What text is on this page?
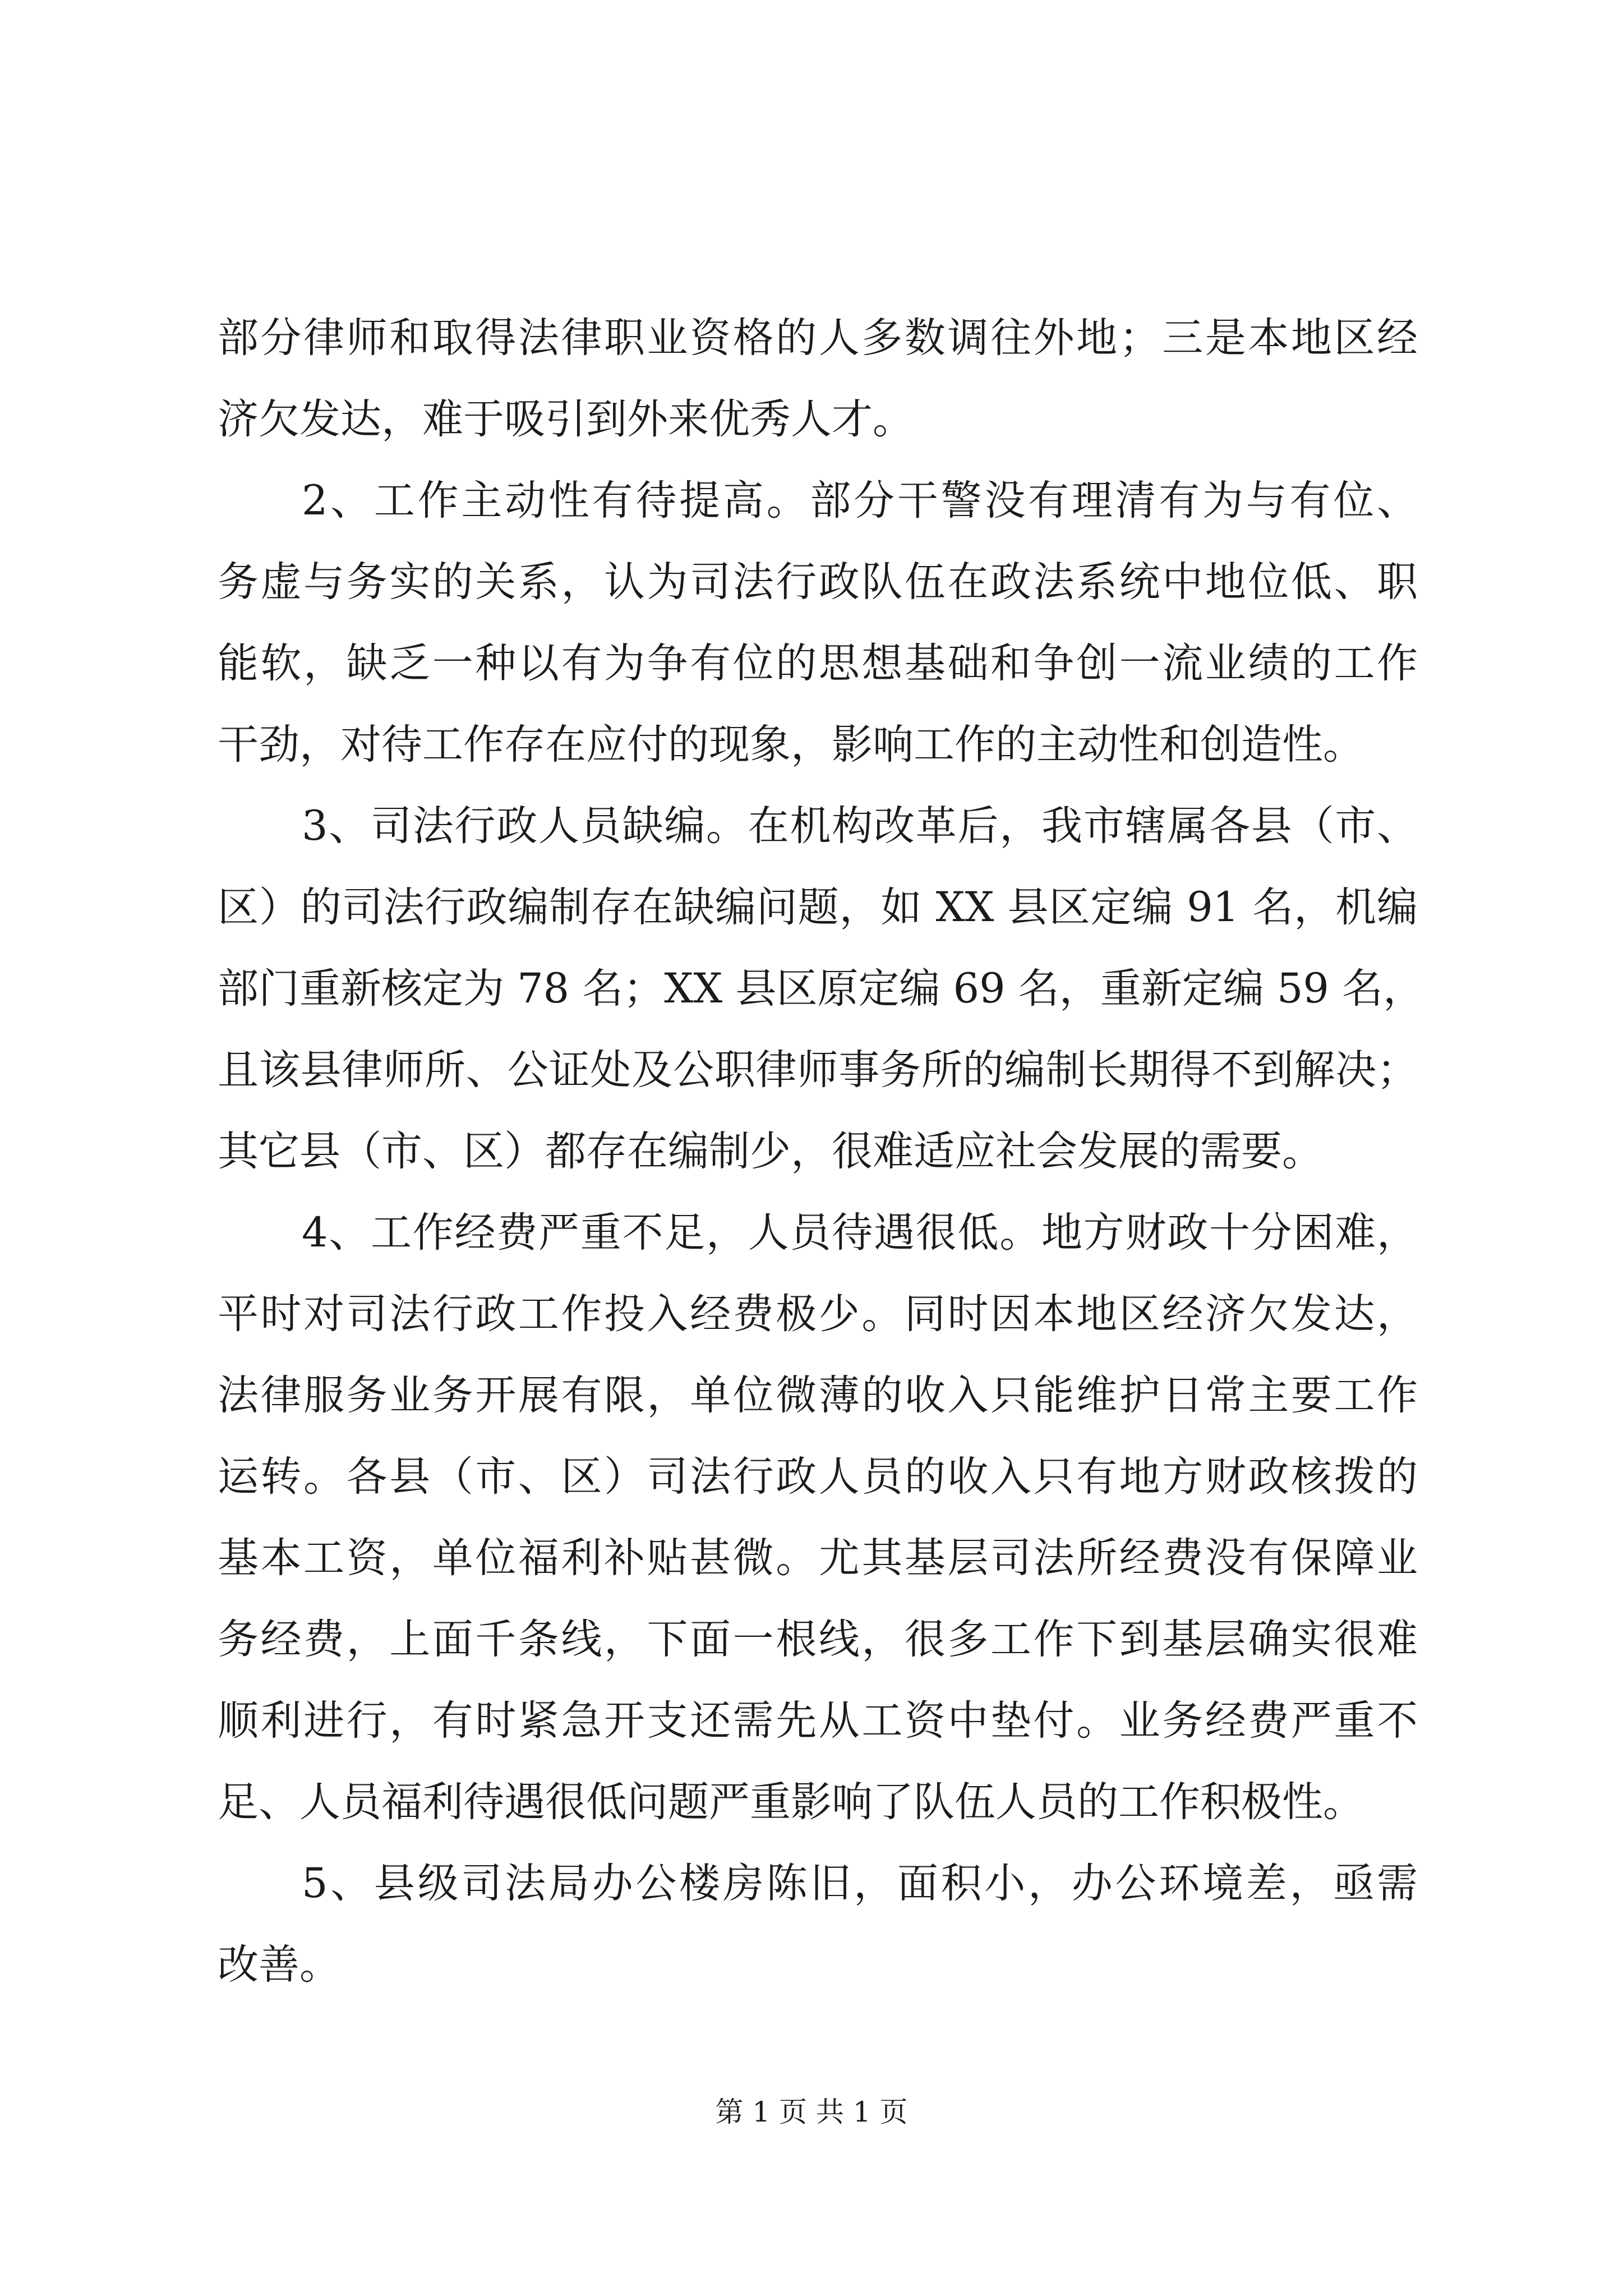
部分律师和取得法律职业资格的人多数调往外地；三是本地区经
济欠发达，难于吸引到外来优秀人才。
2、工作主动性有待提高。部分干警没有理清有为与有位、
务虚与务实的关系，认为司法行政队伍在政法系统中地位低、职
能软，缺乏一种以有为争有位的思想基础和争创一流业绩的工作
干劲，对待工作存在应付的现象，影响工作的主动性和创造性。
3、司法行政人员缺编。在机构改革后，我市辖属各县（市、
区）的司法行政编制存在缺编问题，如 XX 县区定编 91 名，机编
部门重新核定为 78 名；XX 县区原定编 69 名，重新定编 59 名，
且该县律师所、公证处及公职律师事务所的编制长期得不到解决；
其它县（市、区）都存在编制少，很难适应社会发展的需要。
4、工作经费严重不足，人员待遇很低。地方财政十分困难，
平时对司法行政工作投入经费极少。同时因本地区经济欠发达，
法律服务业务开展有限，单位微薄的收入只能维护日常主要工作
运转。各县（市、区）司法行政人员的收入只有地方财政核拨的
基本工资，单位福利补贴甚微。尤其基层司法所经费没有保障业
务经费，上面千条线，下面一根线，很多工作下到基层确实很难
顺利进行，有时紧急开支还需先从工资中垫付。业务经费严重不
足、人员福利待遇很低问题严重影响了队伍人员的工作积极性。
5、县级司法局办公楼房陈旧，面积小，办公环境差，亟需
改善。
第 1 页 共 1 页
